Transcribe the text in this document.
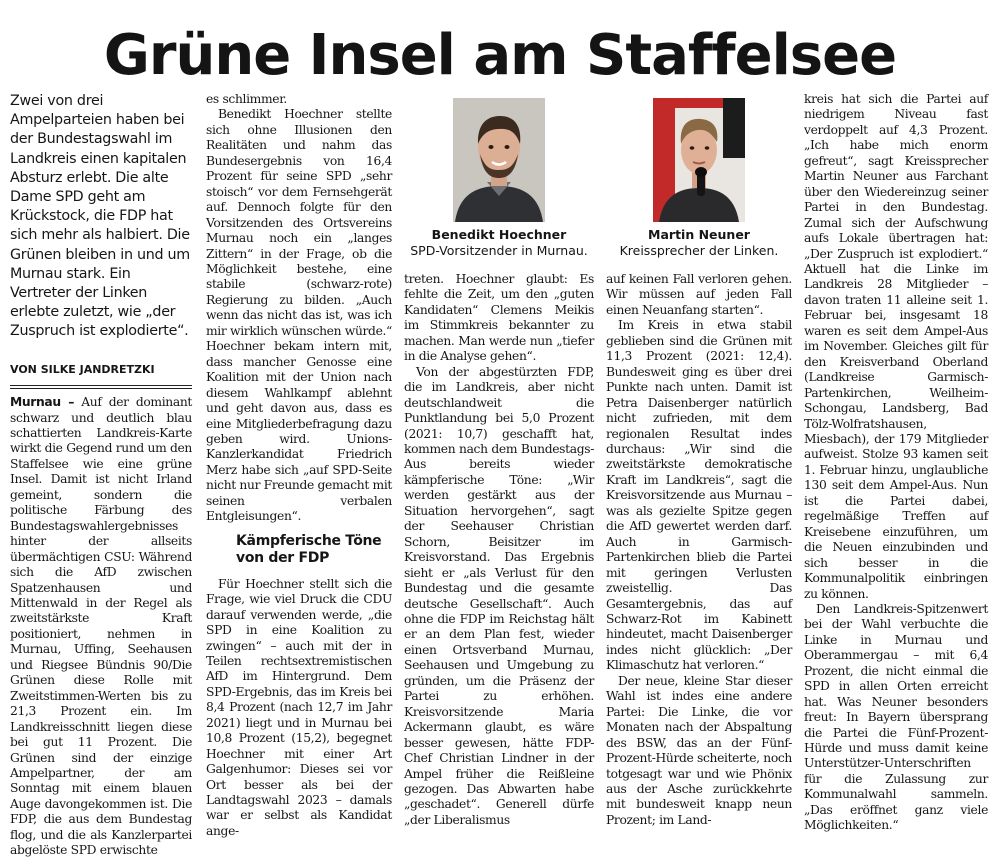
Grüne Insel am Staffelsee

Zwei von drei Ampelparteien haben bei der Bundestagswahl im Landkreis einen kapitalen Absturz erlebt. Die alte Dame SPD geht am Krückstock, die FDP hat sich mehr als halbiert. Die Grünen bleiben in und um Murnau stark. Ein Vertreter der Linken erlebte zuletzt, wie „der Zuspruch ist explodierte“.

VON SILKE JANDRETZKI

Murnau – Auf der dominant schwarz und deutlich blau schattierten Landkreis-Karte wirkt die Gegend rund um den Staffelsee wie eine grüne Insel. Damit ist nicht Irland gemeint, sondern die politische Färbung des Bundestagswahlergebnisses hinter der allseits übermächtigen CSU: Während sich die AfD zwischen Spatzenhausen und Mittenwald in der Regel als zweitstärkste Kraft positioniert, nehmen in Murnau, Uffing, Seehausen und Riegsee Bündnis 90/Die Grünen diese Rolle mit Zweitstimmen-Werten bis zu 21,3 Prozent ein. Im Landkreisschnitt liegen diese bei gut 11 Prozent. Die Grünen sind der einzige Ampelpartner, der am Sonntag mit einem blauen Auge davongekommen ist. Die FDP, die aus dem Bundestag flog, und die als Kanzlerpartei abgelöste SPD erwischte

es schlimmer.

Benedikt Hoechner stellte sich ohne Illusionen den Realitäten und nahm das Bundesergebnis von 16,4 Prozent für seine SPD „sehr stoisch“ vor dem Fernsehgerät auf. Dennoch folgte für den Vorsitzenden des Ortsvereins Murnau noch ein „langes Zittern“ in der Frage, ob die Möglichkeit bestehe, eine stabile (schwarz-rote) Regierung zu bilden. „Auch wenn das nicht das ist, was ich mir wirklich wünschen würde.“ Hoechner bekam intern mit, dass mancher Genosse eine Koalition mit der Union nach diesem Wahlkampf ablehnt und geht davon aus, dass es eine Mitgliederbefragung dazu geben wird. Unions-Kanzlerkandidat Friedrich Merz habe sich „auf SPD-Seite nicht nur Freunde gemacht mit seinen verbalen Entgleisungen“.

Kämpferische Töne von der FDP

Für Hoechner stellt sich die Frage, wie viel Druck die CDU darauf verwenden werde, „die SPD in eine Koalition zu zwingen“ – auch mit der in Teilen rechtsextremistischen AfD im Hintergrund. Dem SPD-Ergebnis, das im Kreis bei 8,4 Prozent (nach 12,7 im Jahr 2021) liegt und in Murnau bei 10,8 Prozent (15,2), begegnet Hoechner mit einer Art Galgenhumor: Dieses sei vor Ort besser als bei der Landtagswahl 2023 – damals war er selbst als Kandidat ange-

Benedikt Hoechner
SPD-Vorsitzender in Murnau.
Martin Neuner
Kreissprecher der Linken.

treten. Hoechner glaubt: Es fehlte die Zeit, um den „guten Kandidaten“ Clemens Meikis im Stimmkreis bekannter zu machen. Man werde nun „tiefer in die Analyse gehen“.

Von der abgestürzten FDP, die im Landkreis, aber nicht deutschlandweit die Punktlandung bei 5,0 Prozent (2021: 10,7) geschafft hat, kommen nach dem Bundestags-Aus bereits wieder kämpferische Töne: „Wir werden gestärkt aus der Situation hervorgehen“, sagt der Seehauser Christian Schorn, Beisitzer im Kreisvorstand. Das Ergebnis sieht er „als Verlust für den Bundestag und die gesamte deutsche Gesellschaft“. Auch ohne die FDP im Reichstag hält er an dem Plan fest, wieder einen Ortsverband Murnau, Seehausen und Umgebung zu gründen, um die Präsenz der Partei zu erhöhen. Kreisvorsitzende Maria Ackermann glaubt, es wäre besser gewesen, hätte FDP-Chef Christian Lindner in der Ampel früher die Reißleine gezogen. Das Abwarten habe „geschadet“. Generell dürfe „der Liberalismus

auf keinen Fall verloren gehen. Wir müssen auf jeden Fall einen Neuanfang starten“.

Im Kreis in etwa stabil geblieben sind die Grünen mit 11,3 Prozent (2021: 12,4). Bundesweit ging es über drei Punkte nach unten. Damit ist Petra Daisenberger natürlich nicht zufrieden, mit dem regionalen Resultat indes durchaus: „Wir sind die zweitstärkste demokratische Kraft im Landkreis“, sagt die Kreisvorsitzende aus Murnau – was als gezielte Spitze gegen die AfD gewertet werden darf. Auch in Garmisch-Partenkirchen blieb die Partei mit geringen Verlusten zweistellig. Das Gesamtergebnis, das auf Schwarz-Rot im Kabinett hindeutet, macht Daisenberger indes nicht glücklich: „Der Klimaschutz hat verloren.“

Der neue, kleine Star dieser Wahl ist indes eine andere Partei: Die Linke, die vor Monaten nach der Abspaltung des BSW, das an der Fünf-Prozent-Hürde scheiterte, noch totgesagt war und wie Phönix aus der Asche zurückkehrte mit bundesweit knapp neun Prozent; im Land-

kreis hat sich die Partei auf niedrigem Niveau fast verdoppelt auf 4,3 Prozent. „Ich habe mich enorm gefreut“, sagt Kreissprecher Martin Neuner aus Farchant über den Wiedereinzug seiner Partei in den Bundestag. Zumal sich der Aufschwung aufs Lokale übertragen hat: „Der Zuspruch ist explodiert.“ Aktuell hat die Linke im Landkreis 28 Mitglieder – davon traten 11 alleine seit 1. Februar bei, insgesamt 18 waren es seit dem Ampel-Aus im November. Gleiches gilt für den Kreisverband Oberland (Landkreise Garmisch-Partenkirchen, Weilheim-Schongau, Landsberg, Bad Tölz-Wolfratshausen, Miesbach), der 179 Mitglieder aufweist. Stolze 93 kamen seit 1. Februar hinzu, unglaubliche 130 seit dem Ampel-Aus. Nun ist die Partei dabei, regelmäßige Treffen auf Kreisebene einzuführen, um die Neuen einzubinden und sich besser in die Kommunalpolitik einbringen zu können.

Den Landkreis-Spitzenwert bei der Wahl verbuchte die Linke in Murnau und Oberammergau – mit 6,4 Prozent, die nicht einmal die SPD in allen Orten erreicht hat. Was Neuner besonders freut: In Bayern übersprang die Partei die Fünf-Prozent-Hürde und muss damit keine Unterstützer-Unterschriften für die Zulassung zur Kommunalwahl sammeln. „Das eröffnet ganz viele Möglichkeiten.“
